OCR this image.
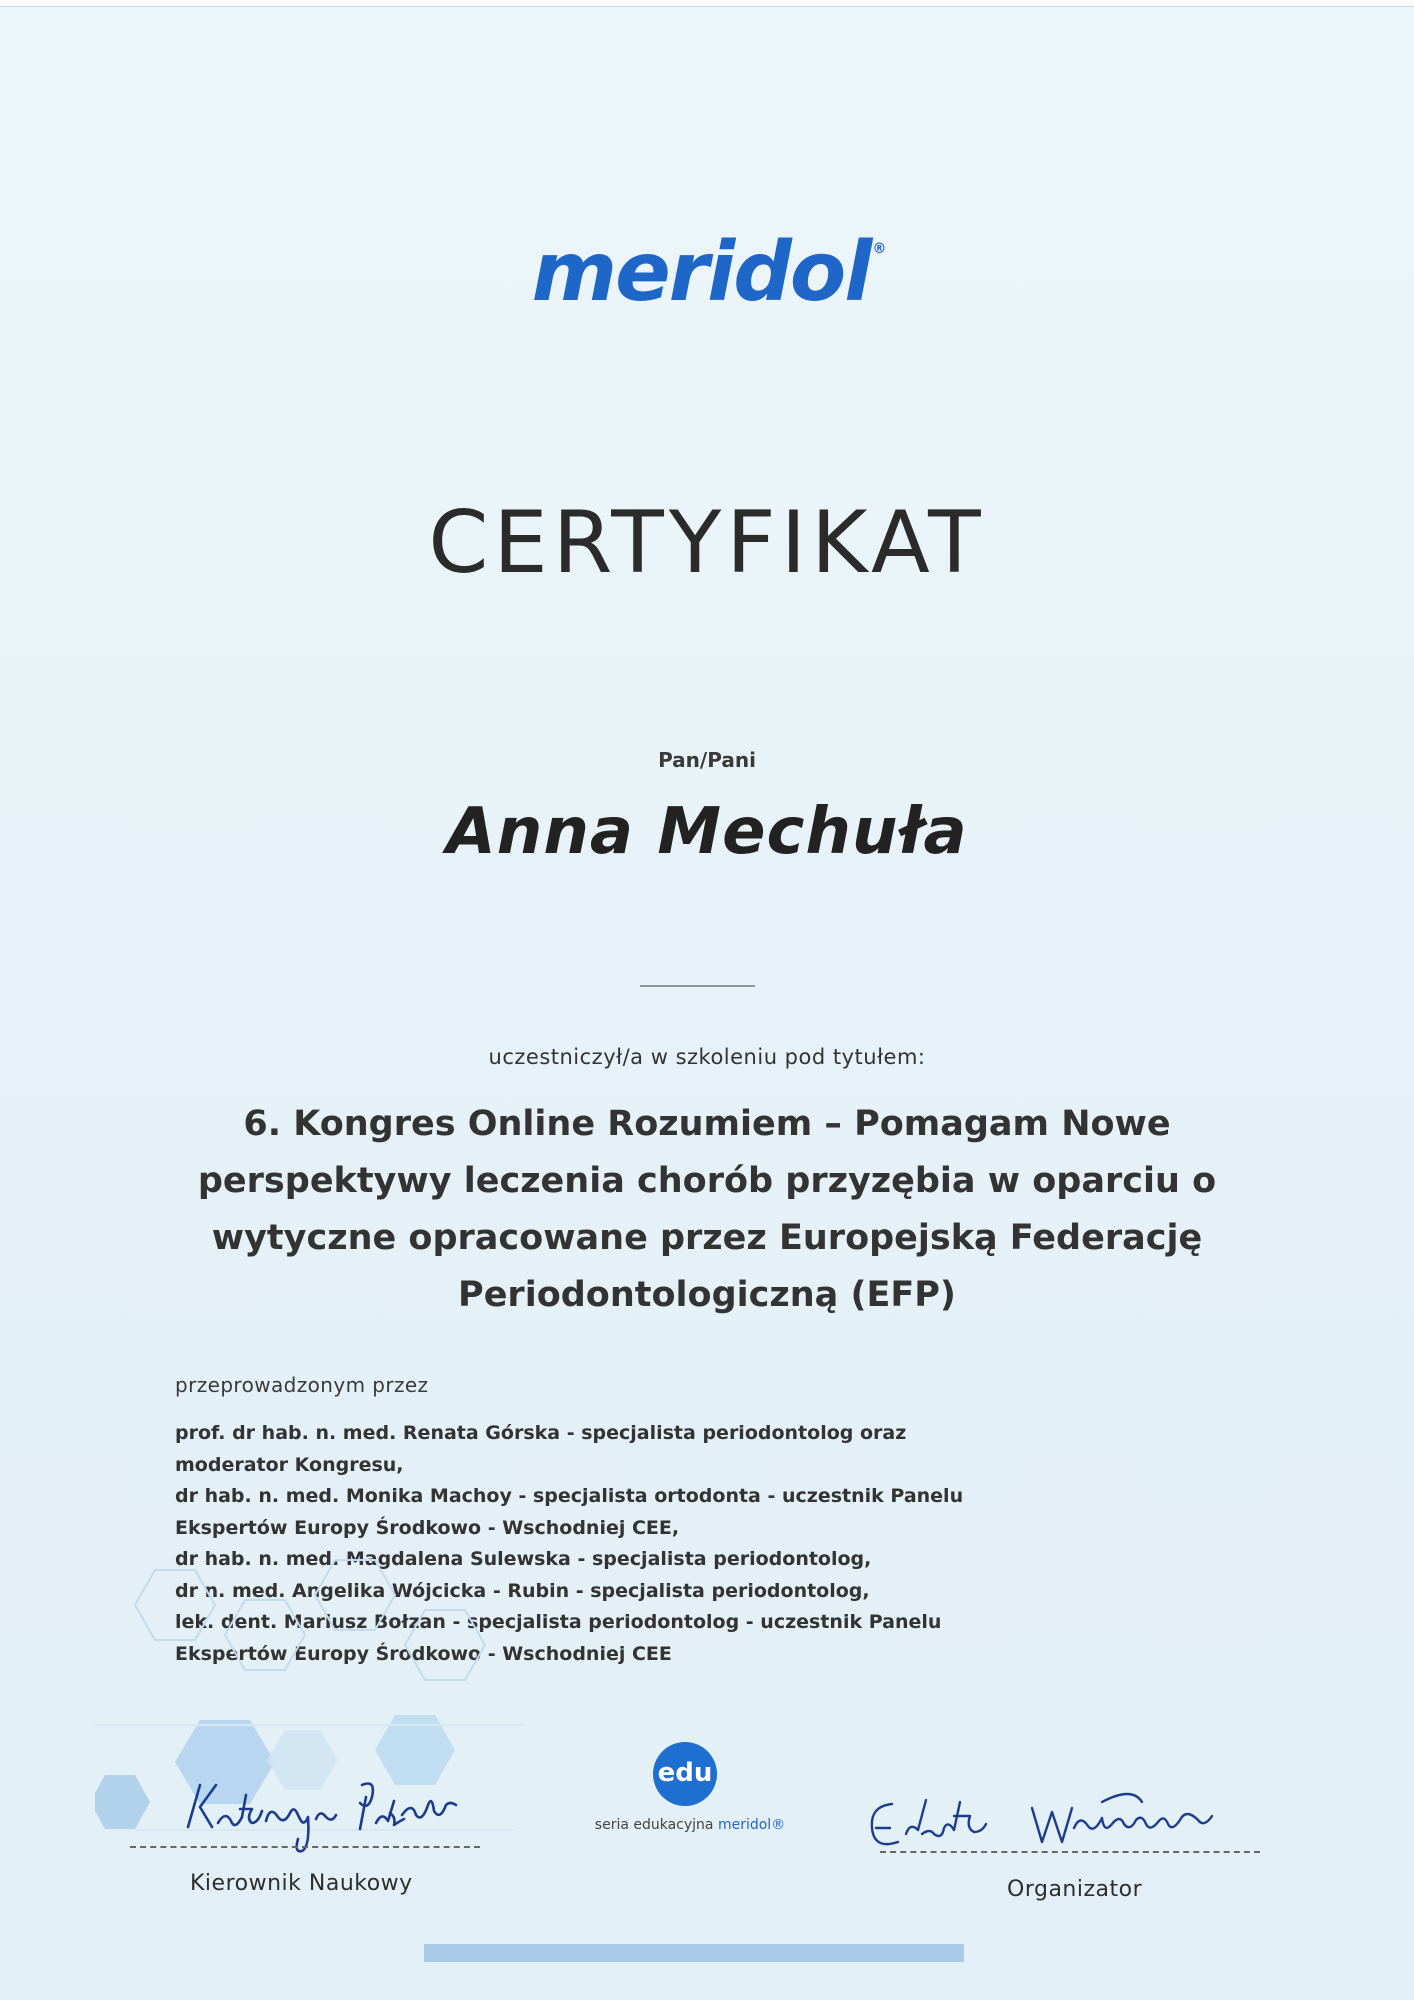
meridol ®
CERTYFIKAT
Pan/Pani
Anna Mechuła
uczestniczył/a w szkoleniu pod tytułem:
6. Kongres Online Rozumiem – Pomagam Nowe
perspektywy leczenia chorób przyzębia w oparciu o
wytyczne opracowane przez Europejską Federację
Periodontologiczną (EFP)
przeprowadzonym przez
prof. dr hab. n. med. Renata Górska - specjalista periodontolog oraz
moderator Kongresu,
dr hab. n. med. Monika Machoy - specjalista ortodonta - uczestnik Panelu
Ekspertów Europy Środkowo - Wschodniej CEE,
dr hab. n. med. Magdalena Sulewska - specjalista periodontolog,
dr n. med. Angelika Wójcicka - Rubin - specjalista periodontolog,
lek. dent. Mariusz Bołzan - specjalista periodontolog - uczestnik Panelu
Ekspertów Europy Środkowo - Wschodniej CEE
Kierownik Naukowy
edu
seria edukacyjna meridol®
Organizator
